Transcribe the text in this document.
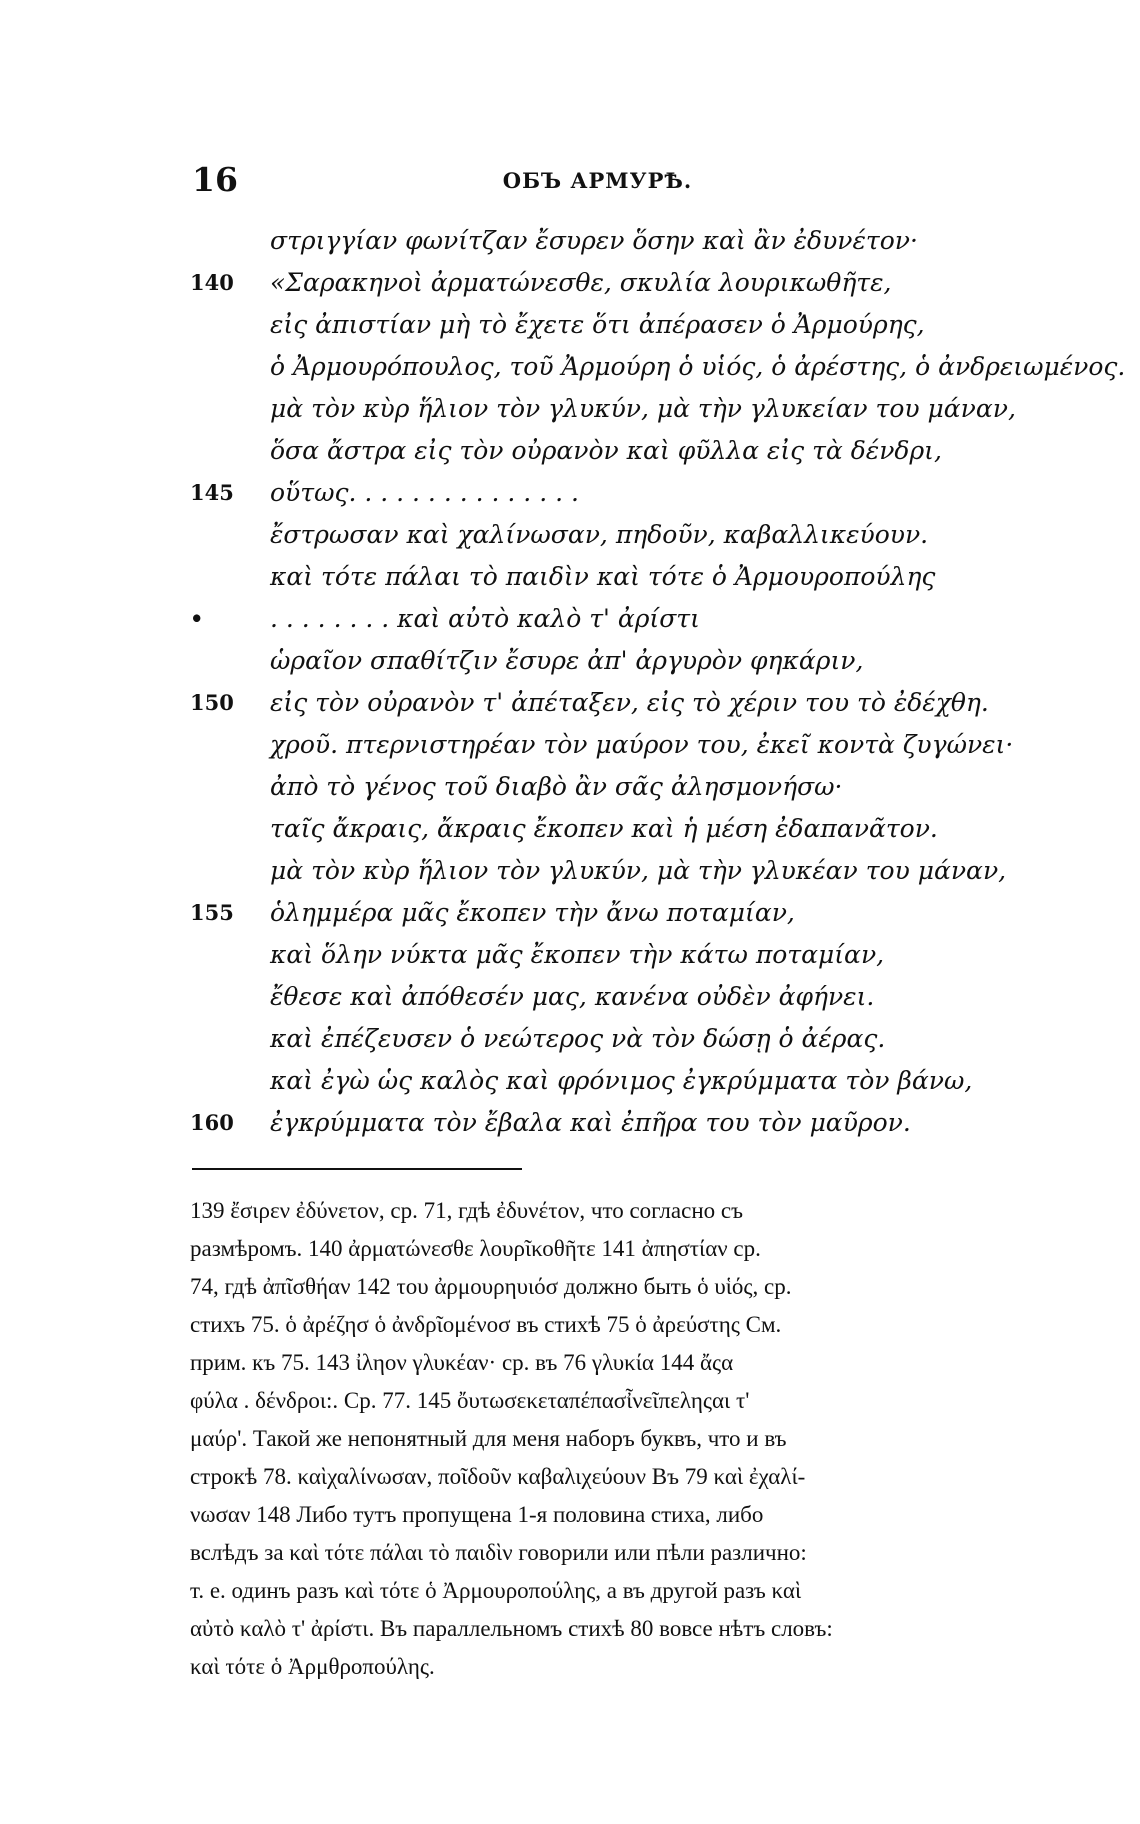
16	ОБЪ АРМУРѢ.
στριγγίαν φωνίτζαν ἔσυρεν ὅσην καὶ ἂν ἐδυνέτον·
140	«Σαρακηνοὶ ἀρματώνεσθε, σκυλία λουρικωθῆτε,
εἰς ἀπιστίαν μὴ τὸ ἔχετε ὅτι ἀπέρασεν ὁ Ἀρμούρης,
ὁ Ἀρμουρόπουλος, τοῦ Ἀρμούρη ὁ υἱός, ὁ ἀρέστης, ὁ ἀνδρειωμένος.
μὰ τὸν κὺρ ἥλιον τὸν γλυκύν, μὰ τὴν γλυκείαν του μάναν,
ὅσα ἄστρα εἰς τὸν οὐρανὸν καὶ φῦλλα εἰς τὰ δένδρι,
145	οὕτως. . . . . . . . . . . . . . .
ἔστρωσαν καὶ χαλίνωσαν, πηδοῦν, καβαλλικεύουν.
καὶ τότε πάλαι τὸ παιδὶν καὶ τότε ὁ Ἀρμουροπούλης
•	. . . . . . . . καὶ αὐτὸ καλὸ τ' ἀρίστι
ὡραῖον σπαθίτζιν ἔσυρε ἀπ' ἀργυρὸν φηκάριν,
150	εἰς τὸν οὐρανὸν τ' ἀπέταξεν, εἰς τὸ χέριν του τὸ ἐδέχθη.
χροῦ. πτερνιστηρέαν τὸν μαύρον του, ἐκεῖ κοντὰ ζυγώνει·
ἀπὸ τὸ γένος τοῦ διαβὸ ἂν σᾶς ἀλησμονήσω·
ταῖς ἄκραις, ἄκραις ἔκοπεν καὶ ἡ μέση ἐδαπανᾶτον.
μὰ τὸν κὺρ ἥλιον τὸν γλυκύν, μὰ τὴν γλυκέαν του μάναν,
155	ὁλημμέρα μᾶς ἔκοπεν τὴν ἄνω ποταμίαν,
καὶ ὅλην νύκτα μᾶς ἔκοπεν τὴν κάτω ποταμίαν,
ἔθεσε καὶ ἀπόθεσέν μας, κανένα οὐδὲν ἀφήνει.
καὶ ἐπέζευσεν ὁ νεώτερος νὰ τὸν δώσῃ ὁ ἀέρας.
καὶ ἐγὼ ὡς καλὸς καὶ φρόνιμος ἐγκρύμματα τὸν βάνω,
160	ἐγκρύμματα τὸν ἔβαλα καὶ ἐπῆρα του τὸν μαῦρον.
139 ἔσιρεν ἐδύνετον, ср. 71, гдѣ ἐδυνέτον, что согласно съ
размѣромъ. 140 ἀρματώνεσθε λουρῖκοθῆτε 141 ἀπηστίαν ср.
74, гдѣ ἀπῖσθήαν 142 του ἀρμουρηυιόσ должно быть ὁ υἱός, ср.
стихъ 75. ὁ ἀρέζησ ὁ ἀνδρῖομένοσ въ стихѣ 75 ὁ ἀρεύστης См.
прим. къ 75. 143 ἰληον γλυκέαν· ср. въ 76 γλυκία 144 ἄςα
φύλα . δένδροι:. Ср. 77. 145 ὄυτωσεκεταπέπασἶνεῖπεληςαι τ'
μαύρ'. Такой же непонятный для меня наборъ буквъ, что и въ
строкѣ 78. καὶχαλίνωσαν, ποῖδοῦν καβαλιχεύουν Въ 79 καὶ ἐχαλί-
νωσαν 148 Либо тутъ пропущена 1-я половина стиха, либо
вслѣдъ за καὶ τότε πάλαι τὸ παιδὶν говорили или пѣли различно:
т. е. одинъ разъ καὶ τότε ὁ Ἀρμουροπούλης, а въ другой разъ καὶ
αὐτὸ καλὸ τ' ἀρίστι. Въ параллельномъ стихѣ 80 вовсе нѣтъ словъ:
καὶ τότε ὁ Ἀρμθροπούλης.
